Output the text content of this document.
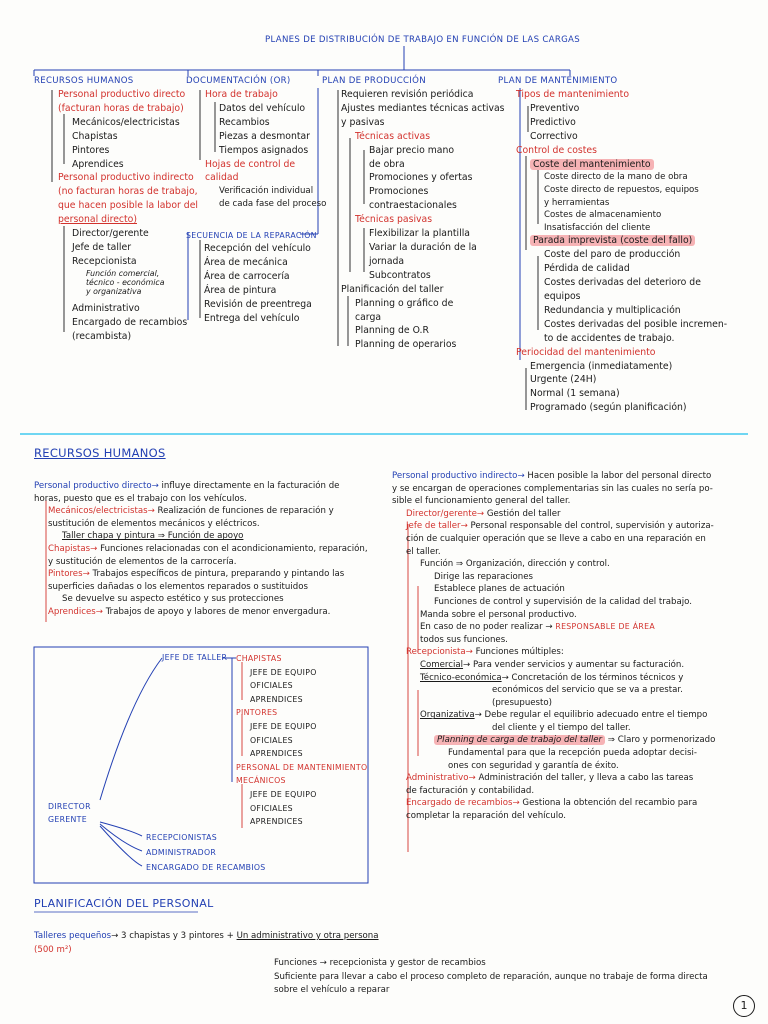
PLANES DE DISTRIBUCIÓN DE TRABAJO EN FUNCIÓN DE LAS CARGAS
RECURSOS HUMANOS
Personal productivo directo
(facturan horas de trabajo)
Mecánicos/electricistas
Chapistas
Pintores
Aprendices
Personal productivo indirecto
(no facturan horas de trabajo,
que hacen posible la labor del
personal directo)
Director/gerente
Jefe de taller
Recepcionista
Función comercial,
técnico - económica
y organizativa
Administrativo
Encargado de recambios
(recambista)
DOCUMENTACIÓN (OR)
Hora de trabajo
Datos del vehículo
Recambios
Piezas a desmontar
Tiempos asignados
Hojas de control de
calidad
Verificación individual
de cada fase del proceso
SECUENCIA DE LA REPARACIÓN
Recepción del vehículo
Área de mecánica
Área de carrocería
Área de pintura
Revisión de preentrega
Entrega del vehículo
PLAN DE PRODUCCIÓN
Requieren revisión periódica
Ajustes mediantes técnicas activas
y pasivas
Técnicas activas
Bajar precio mano
de obra
Promociones y ofertas
Promociones
contraestacionales
Técnicas pasivas
Flexibilizar la plantilla
Variar la duración de la
jornada
Subcontratos
Planificación del taller
Planning o gráfico de
carga
Planning de O.R
Planning de operarios
PLAN DE MANTENIMIENTO
Tipos de mantenimiento
Preventivo
Predictivo
Correctivo
Control de costes
Coste del mantenimiento
Coste directo de la mano de obra
Coste directo de repuestos, equipos
y herramientas
Costes de almacenamiento
Insatisfacción del cliente
Parada imprevista (coste del fallo)
Coste del paro de producción
Pérdida de calidad
Costes derivadas del deterioro de
equipos
Redundancia y multiplicación
Costes derivadas del posible incremen-
to de accidentes de trabajo.
Periocidad del mantenimiento
Emergencia (inmediatamente)
Urgente (24H)
Normal (1 semana)
Programado (según planificación)
RECURSOS HUMANOS
Personal productivo directo→ influye directamente en la facturación de
horas, puesto que es el trabajo con los vehículos.
Mecánicos/electricistas→ Realización de funciones de reparación y
sustitución de elementos mecánicos y eléctricos.
Taller chapa y pintura ⇒ Función de apoyo
Chapistas→ Funciones relacionadas con el acondicionamiento, reparación,
y sustitución de elementos de la carrocería.
Pintores→ Trabajos específicos de pintura, preparando y pintando las
superficies dañadas o los elementos reparados o sustituidos
Se devuelve su aspecto estético y sus protecciones
Aprendices→ Trabajos de apoyo y labores de menor envergadura.
Personal productivo indirecto→ Hacen posible la labor del personal directo
y se encargan de operaciones complementarias sin las cuales no sería po-
sible el funcionamiento general del taller.
Director/gerente→ Gestión del taller
Jefe de taller→ Personal responsable del control, supervisión y autoriza-
ción de cualquier operación que se lleve a cabo en una reparación en
el taller.
Función ⇒ Organización, dirección y control.
Dirige las reparaciones
Establece planes de actuación
Funciones de control y supervisión de la calidad del trabajo.
Manda sobre el personal productivo.
En caso de no poder realizar → RESPONSABLE DE ÁREA
todos sus funciones.
Recepcionista→ Funciones múltiples:
Comercial→ Para vender servicios y aumentar su facturación.
Técnico-económica→ Concretación de los términos técnicos y
económicos del servicio que se va a prestar.
(presupuesto)
Organizativa→ Debe regular el equilibrio adecuado entre el tiempo
del cliente y el tiempo del taller.
Planning de carga de trabajo del taller ⇒ Claro y pormenorizado
Fundamental para que la recepción pueda adoptar decisi-
ones con seguridad y garantía de éxito.
Administrativo→ Administración del taller, y lleva a cabo las tareas
de facturación y contabilidad.
Encargado de recambios→ Gestiona la obtención del recambio para
completar la reparación del vehículo.
DIRECTOR GERENTE
JEFE DE TALLER CHAPISTAS
JEFE DE EQUIPO
OFICIALES
APRENDICES
PINTORES
JEFE DE EQUIPO
OFICIALES
APRENDICES
PERSONAL DE MANTENIMIENTO
MECÁNICOS
JEFE DE EQUIPO
OFICIALES
APRENDICES
RECEPCIONISTAS
ADMINISTRADOR
ENCARGADO DE RECAMBIOS
PLANIFICACIÓN DEL PERSONAL
Talleres pequeños→ 3 chapistas y 3 pintores + Un administrativo y otra persona
(500 m²)
Funciones → recepcionista y gestor de recambios
Suficiente para llevar a cabo el proceso completo de reparación, aunque no trabaje de forma directa
sobre el vehículo a reparar
1
